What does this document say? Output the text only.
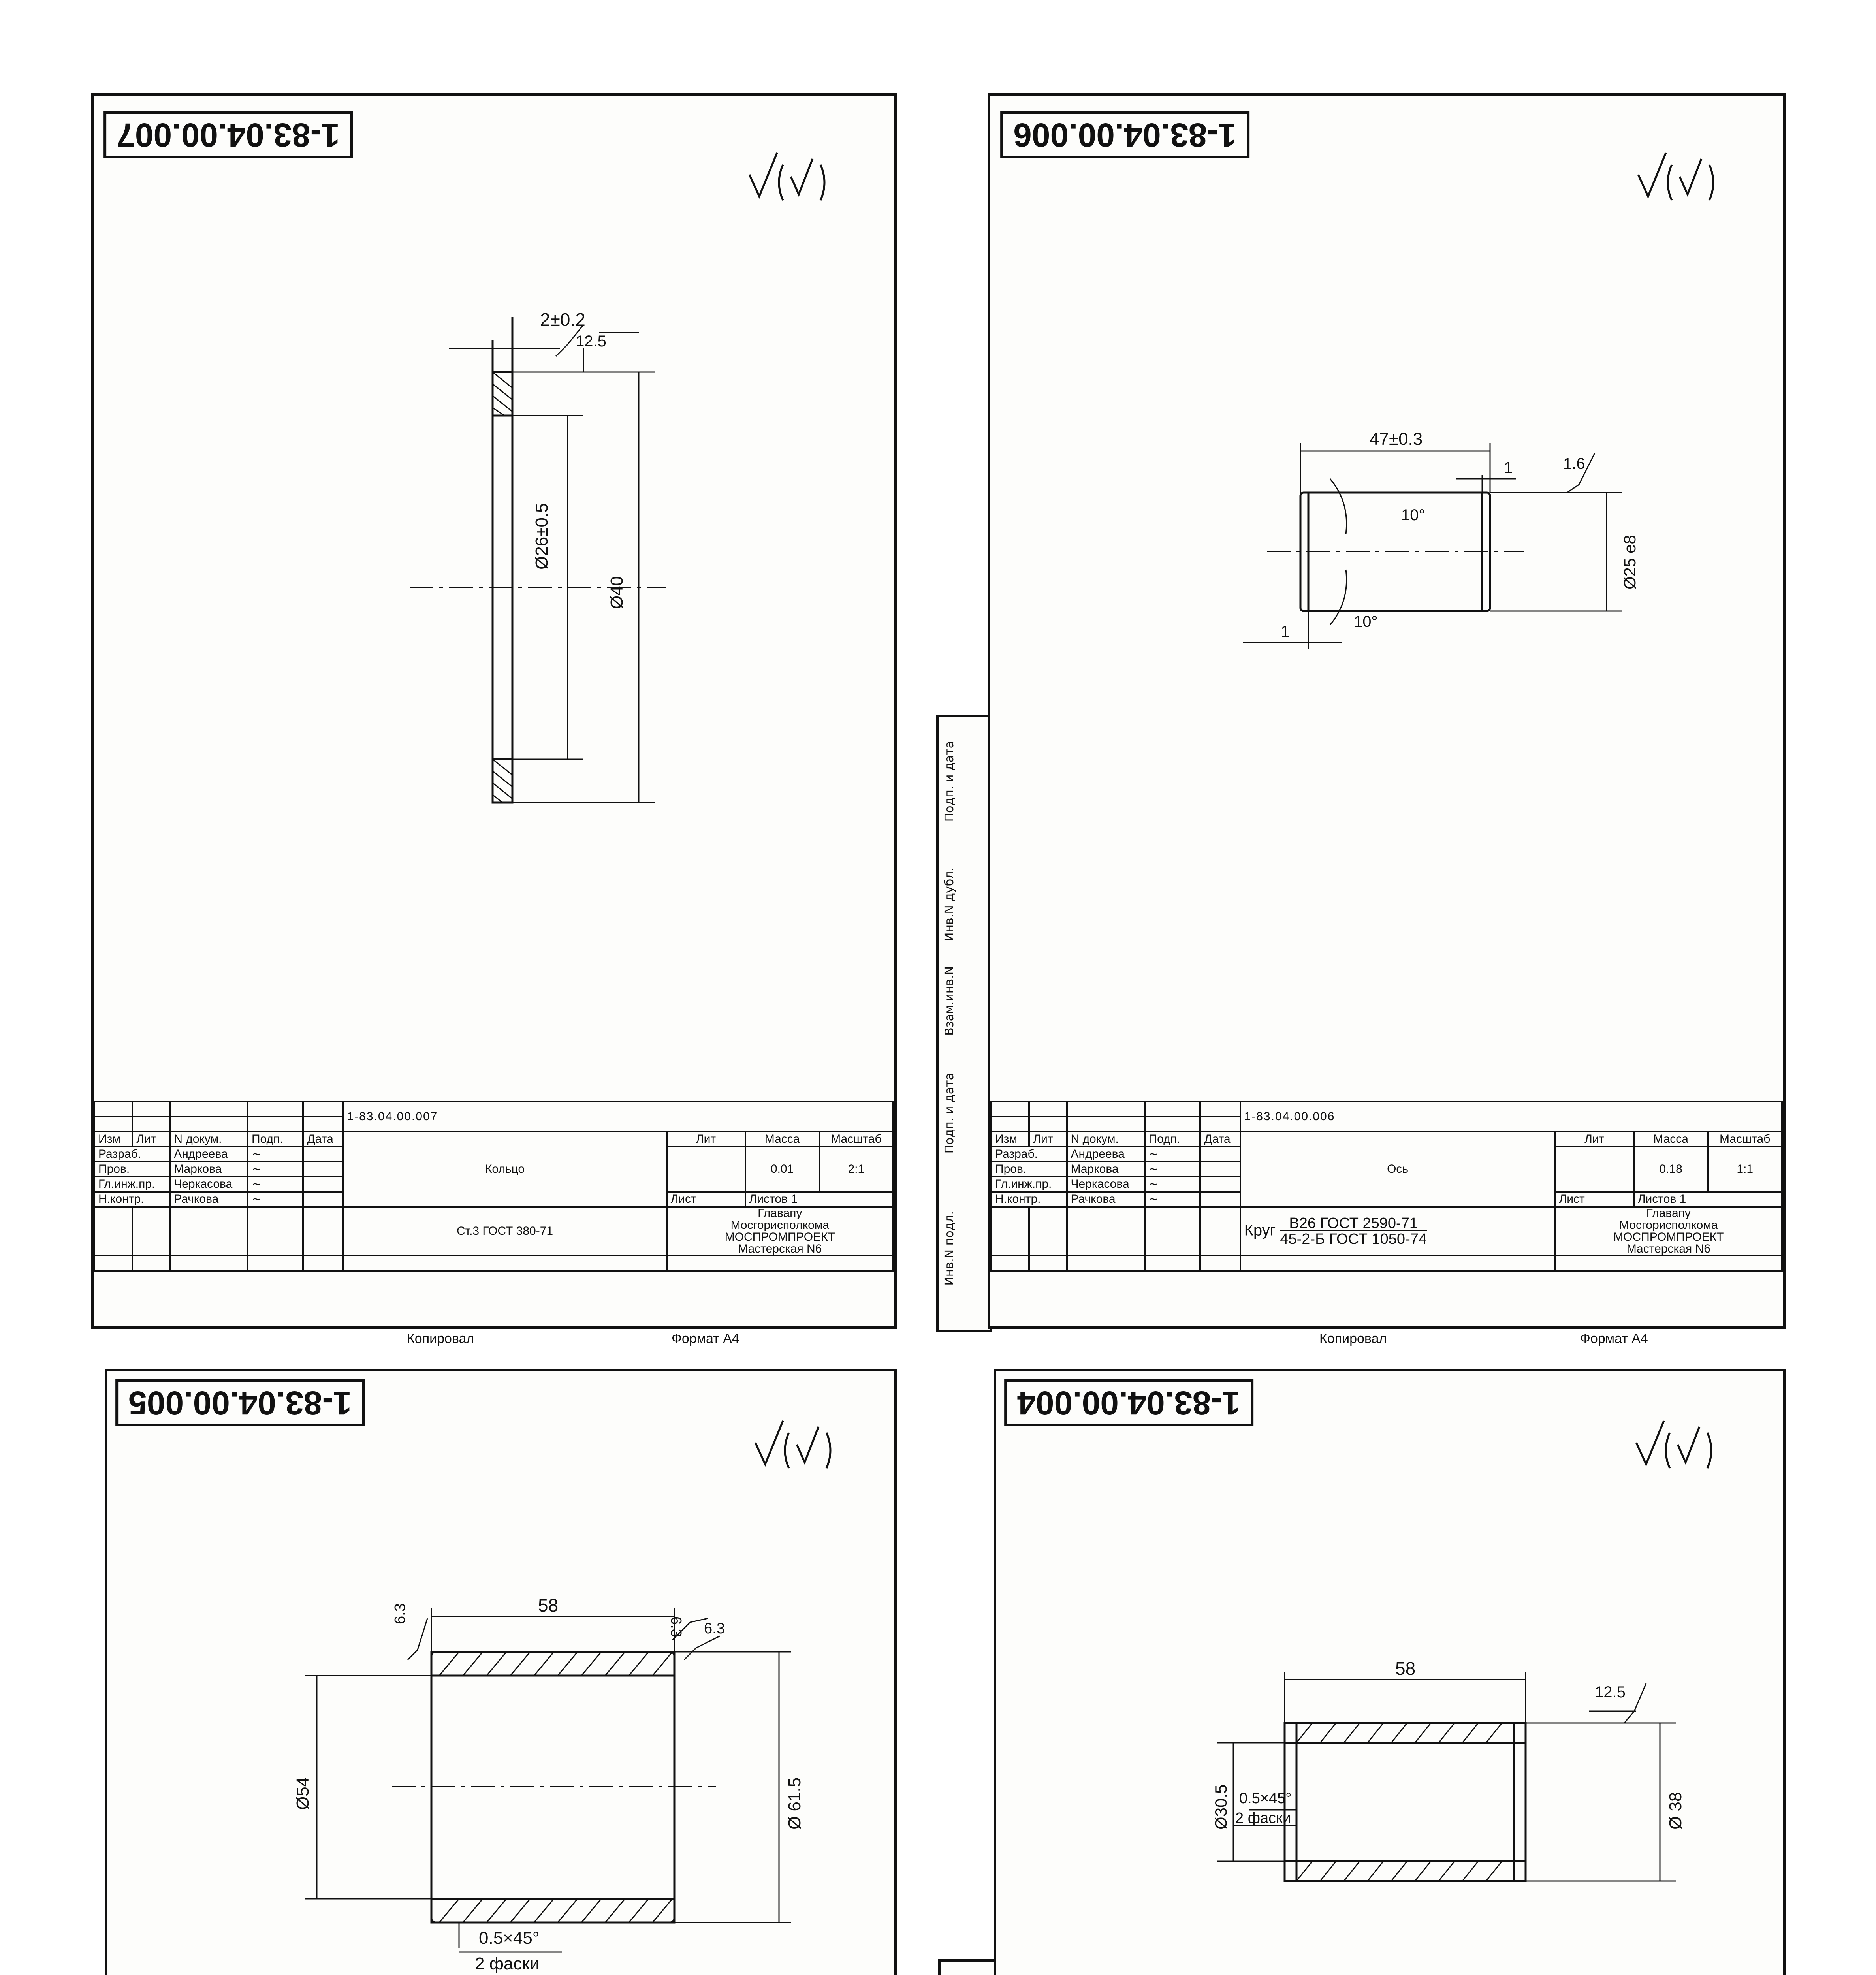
1-83.04.00.007
2±0.2
12.5
Ø26±0.5
Ø40
					1-83.04.00.007			

Изм	Лит	N докум.	Подп.	Дата	Кольцо	Лит	Масса	Масштаб
Разраб.		Андреева	~				0.01	2:1
Пров.		Маркова	~					
Гл.инж.пр.		Черкасова	~					
Н.контр.		Рачкова	~			Лист	Листов 1	
					Ст.3 ГОСТ 380-71	Главапу
Мосгорисполкома
МОСПРОМПРОЕКТ
Мастерская N6		

Копировал	Формат А4
Инв.N подл.
Подп. и дата
Взам.инв.N
Инв.N дубл.
Подп. и дата
1-83.04.00.006
47±0.3
1
10°
10°
1.6
Ø25 e8
1
					1-83.04.00.006			

Изм	Лит	N докум.	Подп.	Дата	Ось	Лит	Масса	Масштаб
Разраб.		Андреева	~				0.18	1:1
Пров.		Маркова	~					
Гл.инж.пр.		Черкасова	~					
Н.контр.		Рачкова	~			Лист	Листов 1	
					Круг B26 ГОСТ 2590-71
45-2-Б ГОСТ 1050-74	Главапу
Мосгорисполкома
МОСПРОМПРОЕКТ
Мастерская N6		

Копировал	Формат А4
1-83.04.00.005
58
6.3
6.3 6.3
Ø54	Ø 61.5
0.5×45°
2 фаски

1-83.04.00.004
58
12.5
Ø30.5	Ø 38
0.5×45°
2 фаски
